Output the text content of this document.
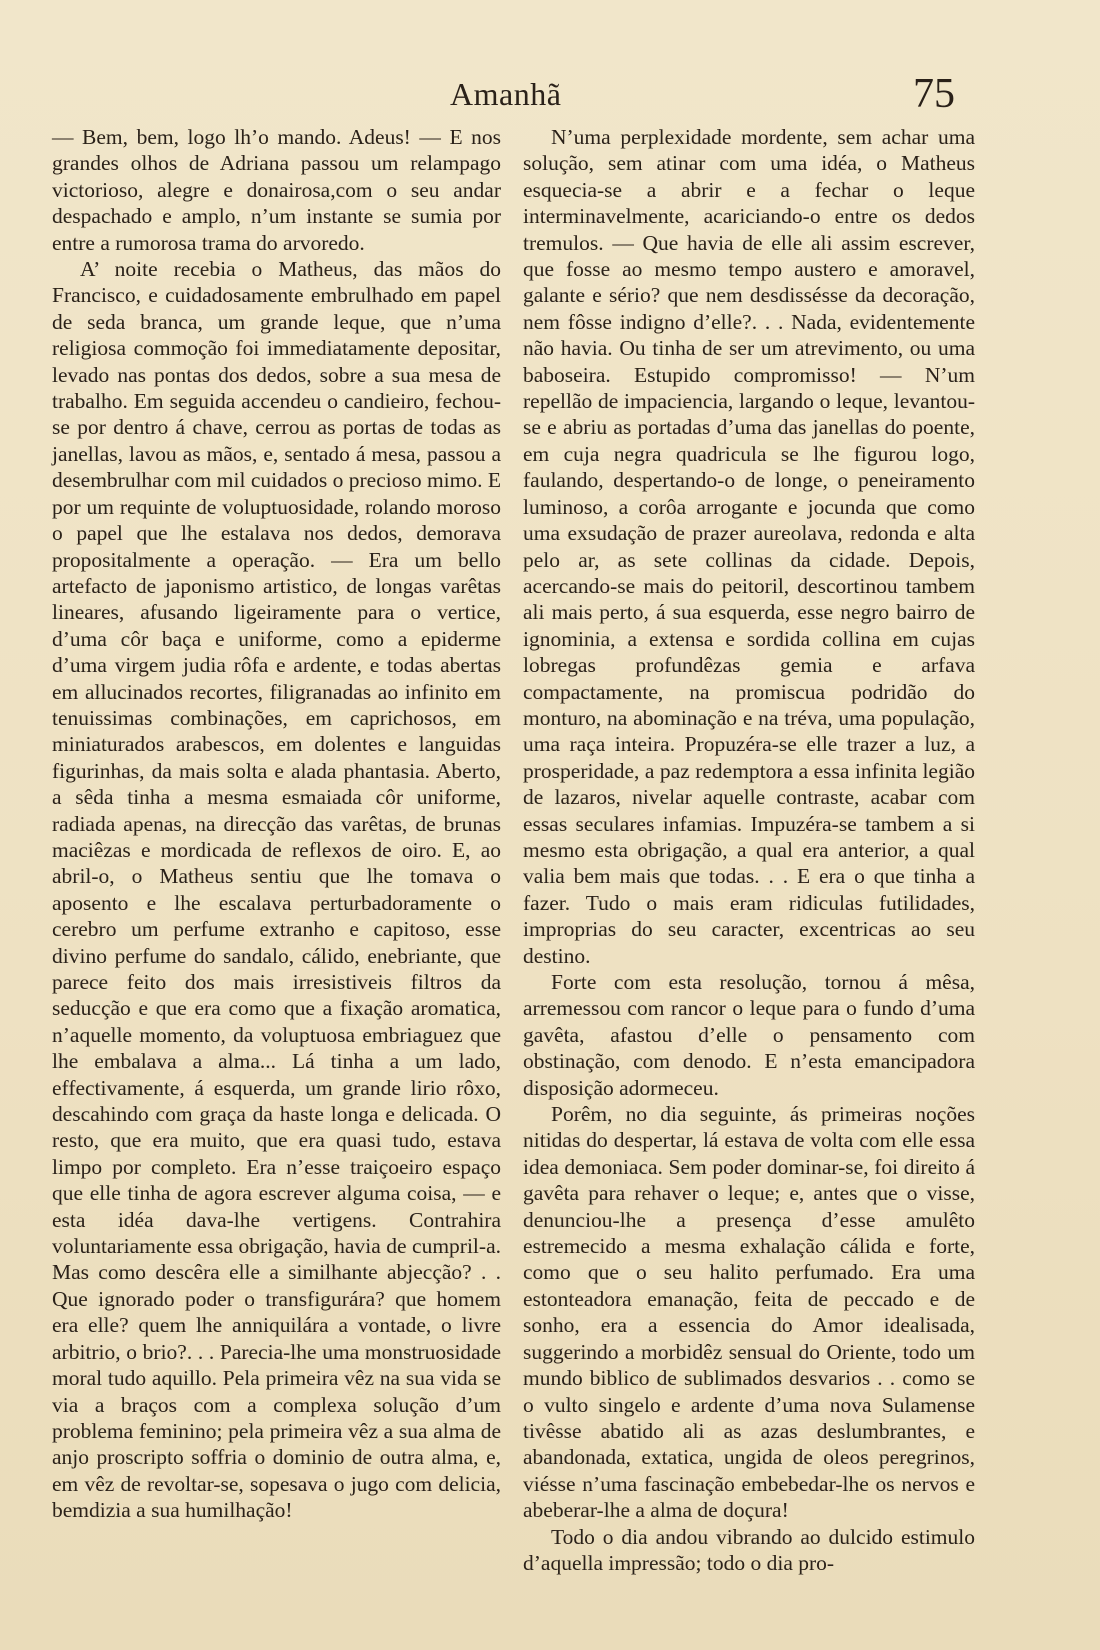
Amanhã	75

— Bem, bem, logo lh’o mando. Adeus! — E nos grandes olhos de Adriana passou um relampago victorioso, alegre e donairosa,com o seu andar despachado e amplo, n’um instante se sumia por entre a rumorosa trama do arvoredo.

A’ noite recebia o Matheus, das mãos do Francisco, e cuidadosamente embrulhado em papel de seda branca, um grande leque, que n’uma religiosa commoção foi immediatamente depositar, levado nas pontas dos dedos, sobre a sua mesa de trabalho. Em seguida accendeu o candieiro, fechou-se por dentro á chave, cerrou as portas de todas as janellas, lavou as mãos, e, sentado á mesa, passou a desembrulhar com mil cuidados o precioso mimo. E por um requinte de voluptuosidade, rolando moroso o papel que lhe estalava nos dedos, demorava propositalmente a operação. — Era um bello artefacto de japonismo artistico, de longas varêtas lineares, afusando ligeiramente para o vertice, d’uma côr baça e uniforme, como a epiderme d’uma virgem judia rôfa e ardente, e todas abertas em allucinados recortes, filigranadas ao infinito em tenuissimas combinações, em caprichosos, em miniaturados arabescos, em dolentes e languidas figurinhas, da mais solta e alada phantasia. Aberto, a sêda tinha a mesma esmaiada côr uniforme, radiada apenas, na direcção das varêtas, de brunas maciêzas e mordicada de reflexos de oiro. E, ao abril-o, o Matheus sentiu que lhe tomava o aposento e lhe escalava perturbadoramente o cerebro um perfume extranho e capitoso, esse divino perfume do sandalo, cálido, enebriante, que parece feito dos mais irresistiveis filtros da seducção e que era como que a fixação aromatica, n’aquelle momento, da voluptuosa embriaguez que lhe embalava a alma... Lá tinha a um lado, effectivamente, á esquerda, um grande lirio rôxo, descahindo com graça da haste longa e delicada. O resto, que era muito, que era quasi tudo, estava limpo por completo. Era n’esse traiçoeiro espaço que elle tinha de agora escrever alguma coisa, — e esta idéa dava-lhe vertigens. Contrahira voluntariamente essa obrigação, havia de cumpril-a. Mas como descêra elle a similhante abjecção? . . Que ignorado poder o transfigurára? que homem era elle? quem lhe anniquilára a vontade, o livre arbitrio, o brio?. . . Parecia-lhe uma monstruosidade moral tudo aquillo. Pela primeira vêz na sua vida se via a braços com a complexa solução d’um problema feminino; pela primeira vêz a sua alma de anjo proscripto soffria o dominio de outra alma, e, em vêz de revoltar-se, sopesava o jugo com delicia, bemdizia a sua humilhação!

N’uma perplexidade mordente, sem achar uma solução, sem atinar com uma idéa, o Matheus esquecia-se a abrir e a fechar o leque interminavelmente, acariciando-o entre os dedos tremulos. — Que havia de elle ali assim escrever, que fosse ao mesmo tempo austero e amoravel, galante e sério? que nem desdissésse da decoração, nem fôsse indigno d’elle?. . . Nada, evidentemente não havia. Ou tinha de ser um atrevimento, ou uma baboseira. Estupido compromisso! — N’um repellão de impaciencia, largando o leque, levantou-se e abriu as portadas d’uma das janellas do poente, em cuja negra quadricula se lhe figurou logo, faulando, despertando-o de longe, o peneiramento luminoso, a corôa arrogante e jocunda que como uma exsudação de prazer aureolava, redonda e alta pelo ar, as sete collinas da cidade. Depois, acercando-se mais do peitoril, descortinou tambem ali mais perto, á sua esquerda, esse negro bairro de ignominia, a extensa e sordida collina em cujas lobregas profundêzas gemia e arfava compactamente, na promiscua podridão do monturo, na abominação e na tréva, uma população, uma raça inteira. Propuzéra-se elle trazer a luz, a prosperidade, a paz redemptora a essa infinita legião de lazaros, nivelar aquelle contraste, acabar com essas seculares infamias. Impuzéra-se tambem a si mesmo esta obrigação, a qual era anterior, a qual valia bem mais que todas. . . E era o que tinha a fazer. Tudo o mais eram ridiculas futilidades, improprias do seu caracter, excentricas ao seu destino.

Forte com esta resolução, tornou á mêsa, arremessou com rancor o leque para o fundo d’uma gavêta, afastou d’elle o pensamento com obstinação, com denodo. E n’esta emancipadora disposição adormeceu.

Porêm, no dia seguinte, ás primeiras noções nitidas do despertar, lá estava de volta com elle essa idea demoniaca. Sem poder dominar-se, foi direito á gavêta para rehaver o leque; e, antes que o visse, denunciou-lhe a presença d’esse amulêto estremecido a mesma exhalação cálida e forte, como que o seu halito perfumado. Era uma estonteadora emanação, feita de peccado e de sonho, era a essencia do Amor idealisada, suggerindo a morbidêz sensual do Oriente, todo um mundo biblico de sublimados desvarios . . como se o vulto singelo e ardente d’uma nova Sulamense tivêsse abatido ali as azas deslumbrantes, e abandonada, extatica, ungida de oleos peregrinos, viésse n’uma fascinação embebedar-lhe os nervos e abeberar-lhe a alma de doçura!

Todo o dia andou vibrando ao dulcido estimulo d’aquella impressão; todo o dia pro-
